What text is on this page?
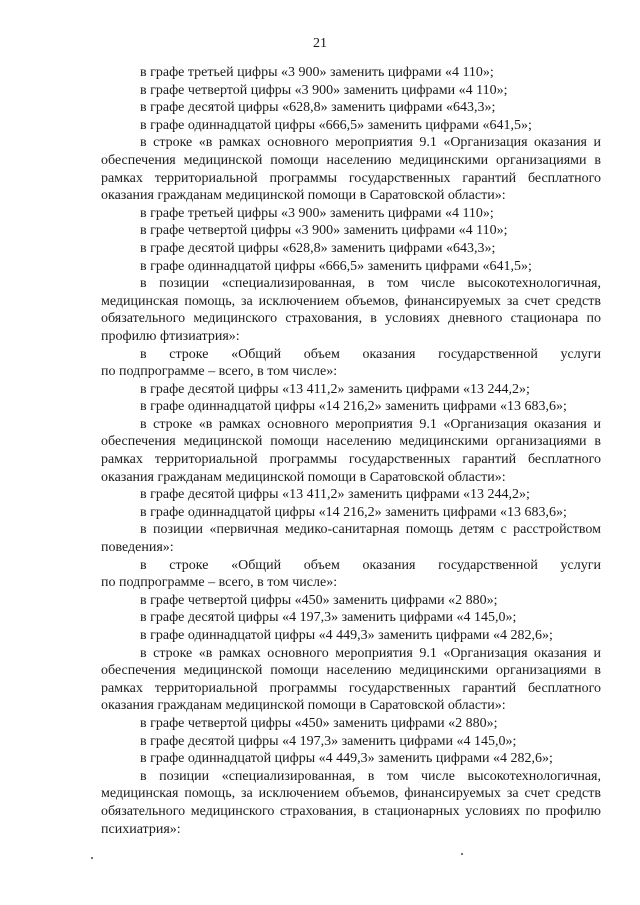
21

в графе третьей цифры «3 900» заменить цифрами «4 110»;

в графе четвертой цифры «3 900» заменить цифрами «4 110»;

в графе десятой цифры «628,8» заменить цифрами «643,3»;

в графе одиннадцатой цифры «666,5» заменить цифрами «641,5»;

в строке «в рамках основного мероприятия 9.1 «Организация оказания и обеспечения медицинской помощи населению медицинскими организациями в рамках территориальной программы государственных гарантий бесплатного оказания гражданам медицинской помощи в Саратовской области»:

в графе третьей цифры «3 900» заменить цифрами «4 110»;

в графе четвертой цифры «3 900» заменить цифрами «4 110»;

в графе десятой цифры «628,8» заменить цифрами «643,3»;

в графе одиннадцатой цифры «666,5» заменить цифрами «641,5»;

в позиции «специализированная, в том числе высокотехнологичная, медицинская помощь, за исключением объемов, финансируемых за счет средств обязательного медицинского страхования, в условиях дневного стационара по профилю фтизиатрия»:

в строке «Общий объем оказания государственной услуги

по подпрограмме – всего, в том числе»:

в графе десятой цифры «13 411,2» заменить цифрами «13 244,2»;

в графе одиннадцатой цифры «14 216,2» заменить цифрами «13 683,6»;

в строке «в рамках основного мероприятия 9.1 «Организация оказания и обеспечения медицинской помощи населению медицинскими организациями в рамках территориальной программы государственных гарантий бесплатного оказания гражданам медицинской помощи в Саратовской области»:

в графе десятой цифры «13 411,2» заменить цифрами «13 244,2»;

в графе одиннадцатой цифры «14 216,2» заменить цифрами «13 683,6»;

в позиции «первичная медико-санитарная помощь детям с расстройством поведения»:

в строке «Общий объем оказания государственной услуги

по подпрограмме – всего, в том числе»:

в графе четвертой цифры «450» заменить цифрами «2 880»;

в графе десятой цифры «4 197,3» заменить цифрами «4 145,0»;

в графе одиннадцатой цифры «4 449,3» заменить цифрами «4 282,6»;

в строке «в рамках основного мероприятия 9.1 «Организация оказания и обеспечения медицинской помощи населению медицинскими организациями в рамках территориальной программы государственных гарантий бесплатного оказания гражданам медицинской помощи в Саратовской области»:

в графе четвертой цифры «450» заменить цифрами «2 880»;

в графе десятой цифры «4 197,3» заменить цифрами «4 145,0»;

в графе одиннадцатой цифры «4 449,3» заменить цифрами «4 282,6»;

в позиции «специализированная, в том числе высокотехнологичная, медицинская помощь, за исключением объемов, финансируемых за счет средств обязательного медицинского страхования, в стационарных условиях по профилю психиатрия»:
